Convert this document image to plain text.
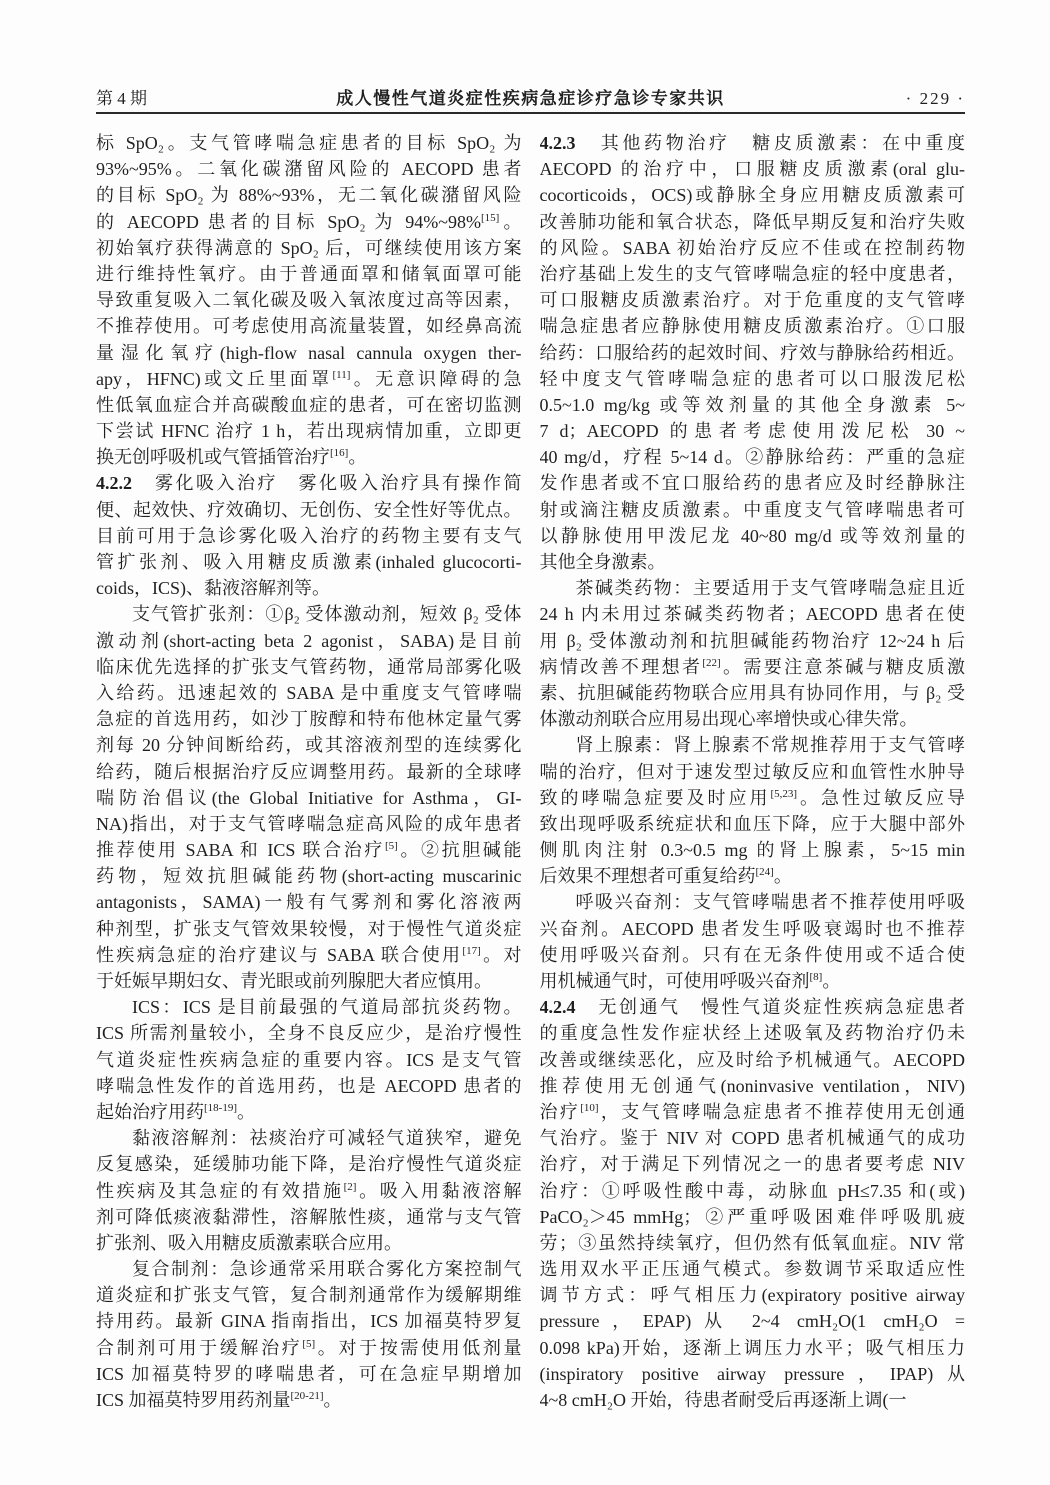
第 4 期	成人慢性气道炎症性疾病急症诊疗急诊专家共识	· 229 ·
标 SpO₂。支气管哮喘急症患者的目标 SpO₂ 为
93%~95%。二氧化碳潴留风险的 AECOPD 患者
的目标 SpO₂ 为 88%~93%，无二氧化碳潴留风险
的 AECOPD 患者的目标 SpO₂ 为 94%~98%[15]。
初始氧疗获得满意的 SpO₂ 后，可继续使用该方案
进行维持性氧疗。由于普通面罩和储氧面罩可能
导致重复吸入二氧化碳及吸入氧浓度过高等因素，
不推荐使用。可考虑使用高流量装置，如经鼻高流
量湿化氧疗(high-flow nasal cannula oxygen ther-
apy，HFNC)或文丘里面罩[11]。无意识障碍的急
性低氧血症合并高碳酸血症的患者，可在密切监测
下尝试 HFNC 治疗 1 h，若出现病情加重，立即更
换无创呼吸机或气管插管治疗[16]。
4.2.2　雾化吸入治疗　雾化吸入治疗具有操作简
便、起效快、疗效确切、无创伤、安全性好等优点。
目前可用于急诊雾化吸入治疗的药物主要有支气
管扩张剂、吸入用糖皮质激素(inhaled glucocorti-
coids，ICS)、黏液溶解剂等。
支气管扩张剂：①β₂ 受体激动剂，短效 β₂ 受体
激动剂(short-acting beta 2 agonist，SABA)是目前
临床优先选择的扩张支气管药物，通常局部雾化吸
入给药。迅速起效的 SABA 是中重度支气管哮喘
急症的首选用药，如沙丁胺醇和特布他林定量气雾
剂每 20 分钟间断给药，或其溶液剂型的连续雾化
给药，随后根据治疗反应调整用药。最新的全球哮
喘防治倡议(the Global Initiative for Asthma，GI-
NA)指出，对于支气管哮喘急症高风险的成年患者
推荐使用 SABA 和 ICS 联合治疗[5]。②抗胆碱能
药物，短效抗胆碱能药物(short-acting muscarinic
antagonists，SAMA)一般有气雾剂和雾化溶液两
种剂型，扩张支气管效果较慢，对于慢性气道炎症
性疾病急症的治疗建议与 SABA 联合使用[17]。对
于妊娠早期妇女、青光眼或前列腺肥大者应慎用。
ICS：ICS 是目前最强的气道局部抗炎药物。
ICS 所需剂量较小，全身不良反应少，是治疗慢性
气道炎症性疾病急症的重要内容。ICS 是支气管
哮喘急性发作的首选用药，也是 AECOPD 患者的
起始治疗用药[18-19]。
黏液溶解剂：祛痰治疗可减轻气道狭窄，避免
反复感染，延缓肺功能下降，是治疗慢性气道炎症
性疾病及其急症的有效措施[2]。吸入用黏液溶解
剂可降低痰液黏滞性，溶解脓性痰，通常与支气管
扩张剂、吸入用糖皮质激素联合应用。
复合制剂：急诊通常采用联合雾化方案控制气
道炎症和扩张支气管，复合制剂通常作为缓解期维
持用药。最新 GINA 指南指出，ICS 加福莫特罗复
合制剂可用于缓解治疗[5]。对于按需使用低剂量
ICS 加福莫特罗的哮喘患者，可在急症早期增加
ICS 加福莫特罗用药剂量[20-21]。
4.2.3　其他药物治疗　糖皮质激素：在中重度
AECOPD 的治疗中，口服糖皮质激素(oral glu-
cocorticoids，OCS)或静脉全身应用糖皮质激素可
改善肺功能和氧合状态，降低早期反复和治疗失败
的风险。SABA 初始治疗反应不佳或在控制药物
治疗基础上发生的支气管哮喘急症的轻中度患者，
可口服糖皮质激素治疗。对于危重度的支气管哮
喘急症患者应静脉使用糖皮质激素治疗。①口服
给药：口服给药的起效时间、疗效与静脉给药相近。
轻中度支气管哮喘急症的患者可以口服泼尼松
0.5~1.0 mg/kg 或等效剂量的其他全身激素 5~
7 d；AECOPD 的患者考虑使用泼尼松 30 ~
40 mg/d，疗程 5~14 d。②静脉给药：严重的急症
发作患者或不宜口服给药的患者应及时经静脉注
射或滴注糖皮质激素。中重度支气管哮喘患者可
以静脉使用甲泼尼龙 40~80 mg/d 或等效剂量的
其他全身激素。
茶碱类药物：主要适用于支气管哮喘急症且近
24 h 内未用过茶碱类药物者；AECOPD 患者在使
用 β₂ 受体激动剂和抗胆碱能药物治疗 12~24 h 后
病情改善不理想者[22]。需要注意茶碱与糖皮质激
素、抗胆碱能药物联合应用具有协同作用，与 β₂ 受
体激动剂联合应用易出现心率增快或心律失常。
肾上腺素：肾上腺素不常规推荐用于支气管哮
喘的治疗，但对于速发型过敏反应和血管性水肿导
致的哮喘急症要及时应用[5,23]。急性过敏反应导
致出现呼吸系统症状和血压下降，应于大腿中部外
侧肌肉注射 0.3~0.5 mg 的肾上腺素，5~15 min
后效果不理想者可重复给药[24]。
呼吸兴奋剂：支气管哮喘患者不推荐使用呼吸
兴奋剂。AECOPD 患者发生呼吸衰竭时也不推荐
使用呼吸兴奋剂。只有在无条件使用或不适合使
用机械通气时，可使用呼吸兴奋剂[8]。
4.2.4　无创通气　慢性气道炎症性疾病急症患者
的重度急性发作症状经上述吸氧及药物治疗仍未
改善或继续恶化，应及时给予机械通气。AECOPD
推荐使用无创通气(noninvasive ventilation，NIV)
治疗[10]，支气管哮喘急症患者不推荐使用无创通
气治疗。鉴于 NIV 对 COPD 患者机械通气的成功
治疗，对于满足下列情况之一的患者要考虑 NIV
治疗：①呼吸性酸中毒，动脉血 pH≤7.35 和(或)
PaCO₂＞45 mmHg；②严重呼吸困难伴呼吸肌疲
劳；③虽然持续氧疗，但仍然有低氧血症。NIV 常
选用双水平正压通气模式。参数调节采取适应性
调节方式：呼气相压力(expiratory positive airway
pressure，EPAP)从 2~4 cmH₂O(1 cmH₂O =
0.098 kPa)开始，逐渐上调压力水平；吸气相压力
(inspiratory positive airway pressure，IPAP)从
4~8 cmH₂O 开始，待患者耐受后再逐渐上调(一
